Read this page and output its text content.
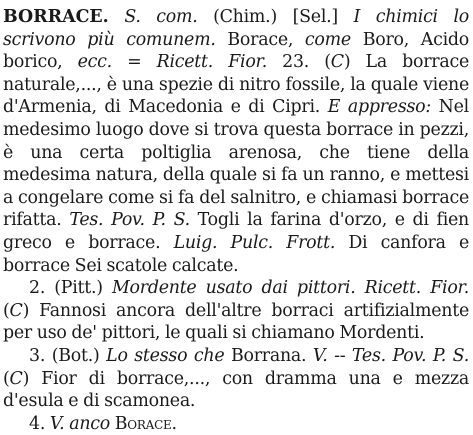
BORRACE. S. com. (Chim.) [Sel.] I chimici lo scrivono più comunem. Borace, come Boro, Acido borico, ecc. = Ricett. Fior. 23. (C) La borrace naturale,..., è una spezie di nitro fossile, la quale viene d'Armenia, di Macedonia e di Cipri. E appresso: Nel medesimo luogo dove si trova questa borrace in pezzi, è una certa poltiglia arenosa, che tiene della medesima natura, della quale si fa un ranno, e mettesi a congelare come si fa del salnitro, e chiamasi borrace rifatta. Tes. Pov. P. S. Togli la farina d'orzo, e di fien greco e borrace. Luig. Pulc. Frott. Di canfora e borrace Sei scatole calcate.

2. (Pitt.) Mordente usato dai pittori. Ricett. Fior. (C) Fannosi ancora dell'altre borraci artifizialmente per uso de' pittori, le quali si chiamano Mordenti.

3. (Bot.) Lo stesso che Borrana. V. -- Tes. Pov. P. S. (C) Fior di borrace,..., con dramma una e mezza d'esula e di scamonea.

4. V. anco Borace.
